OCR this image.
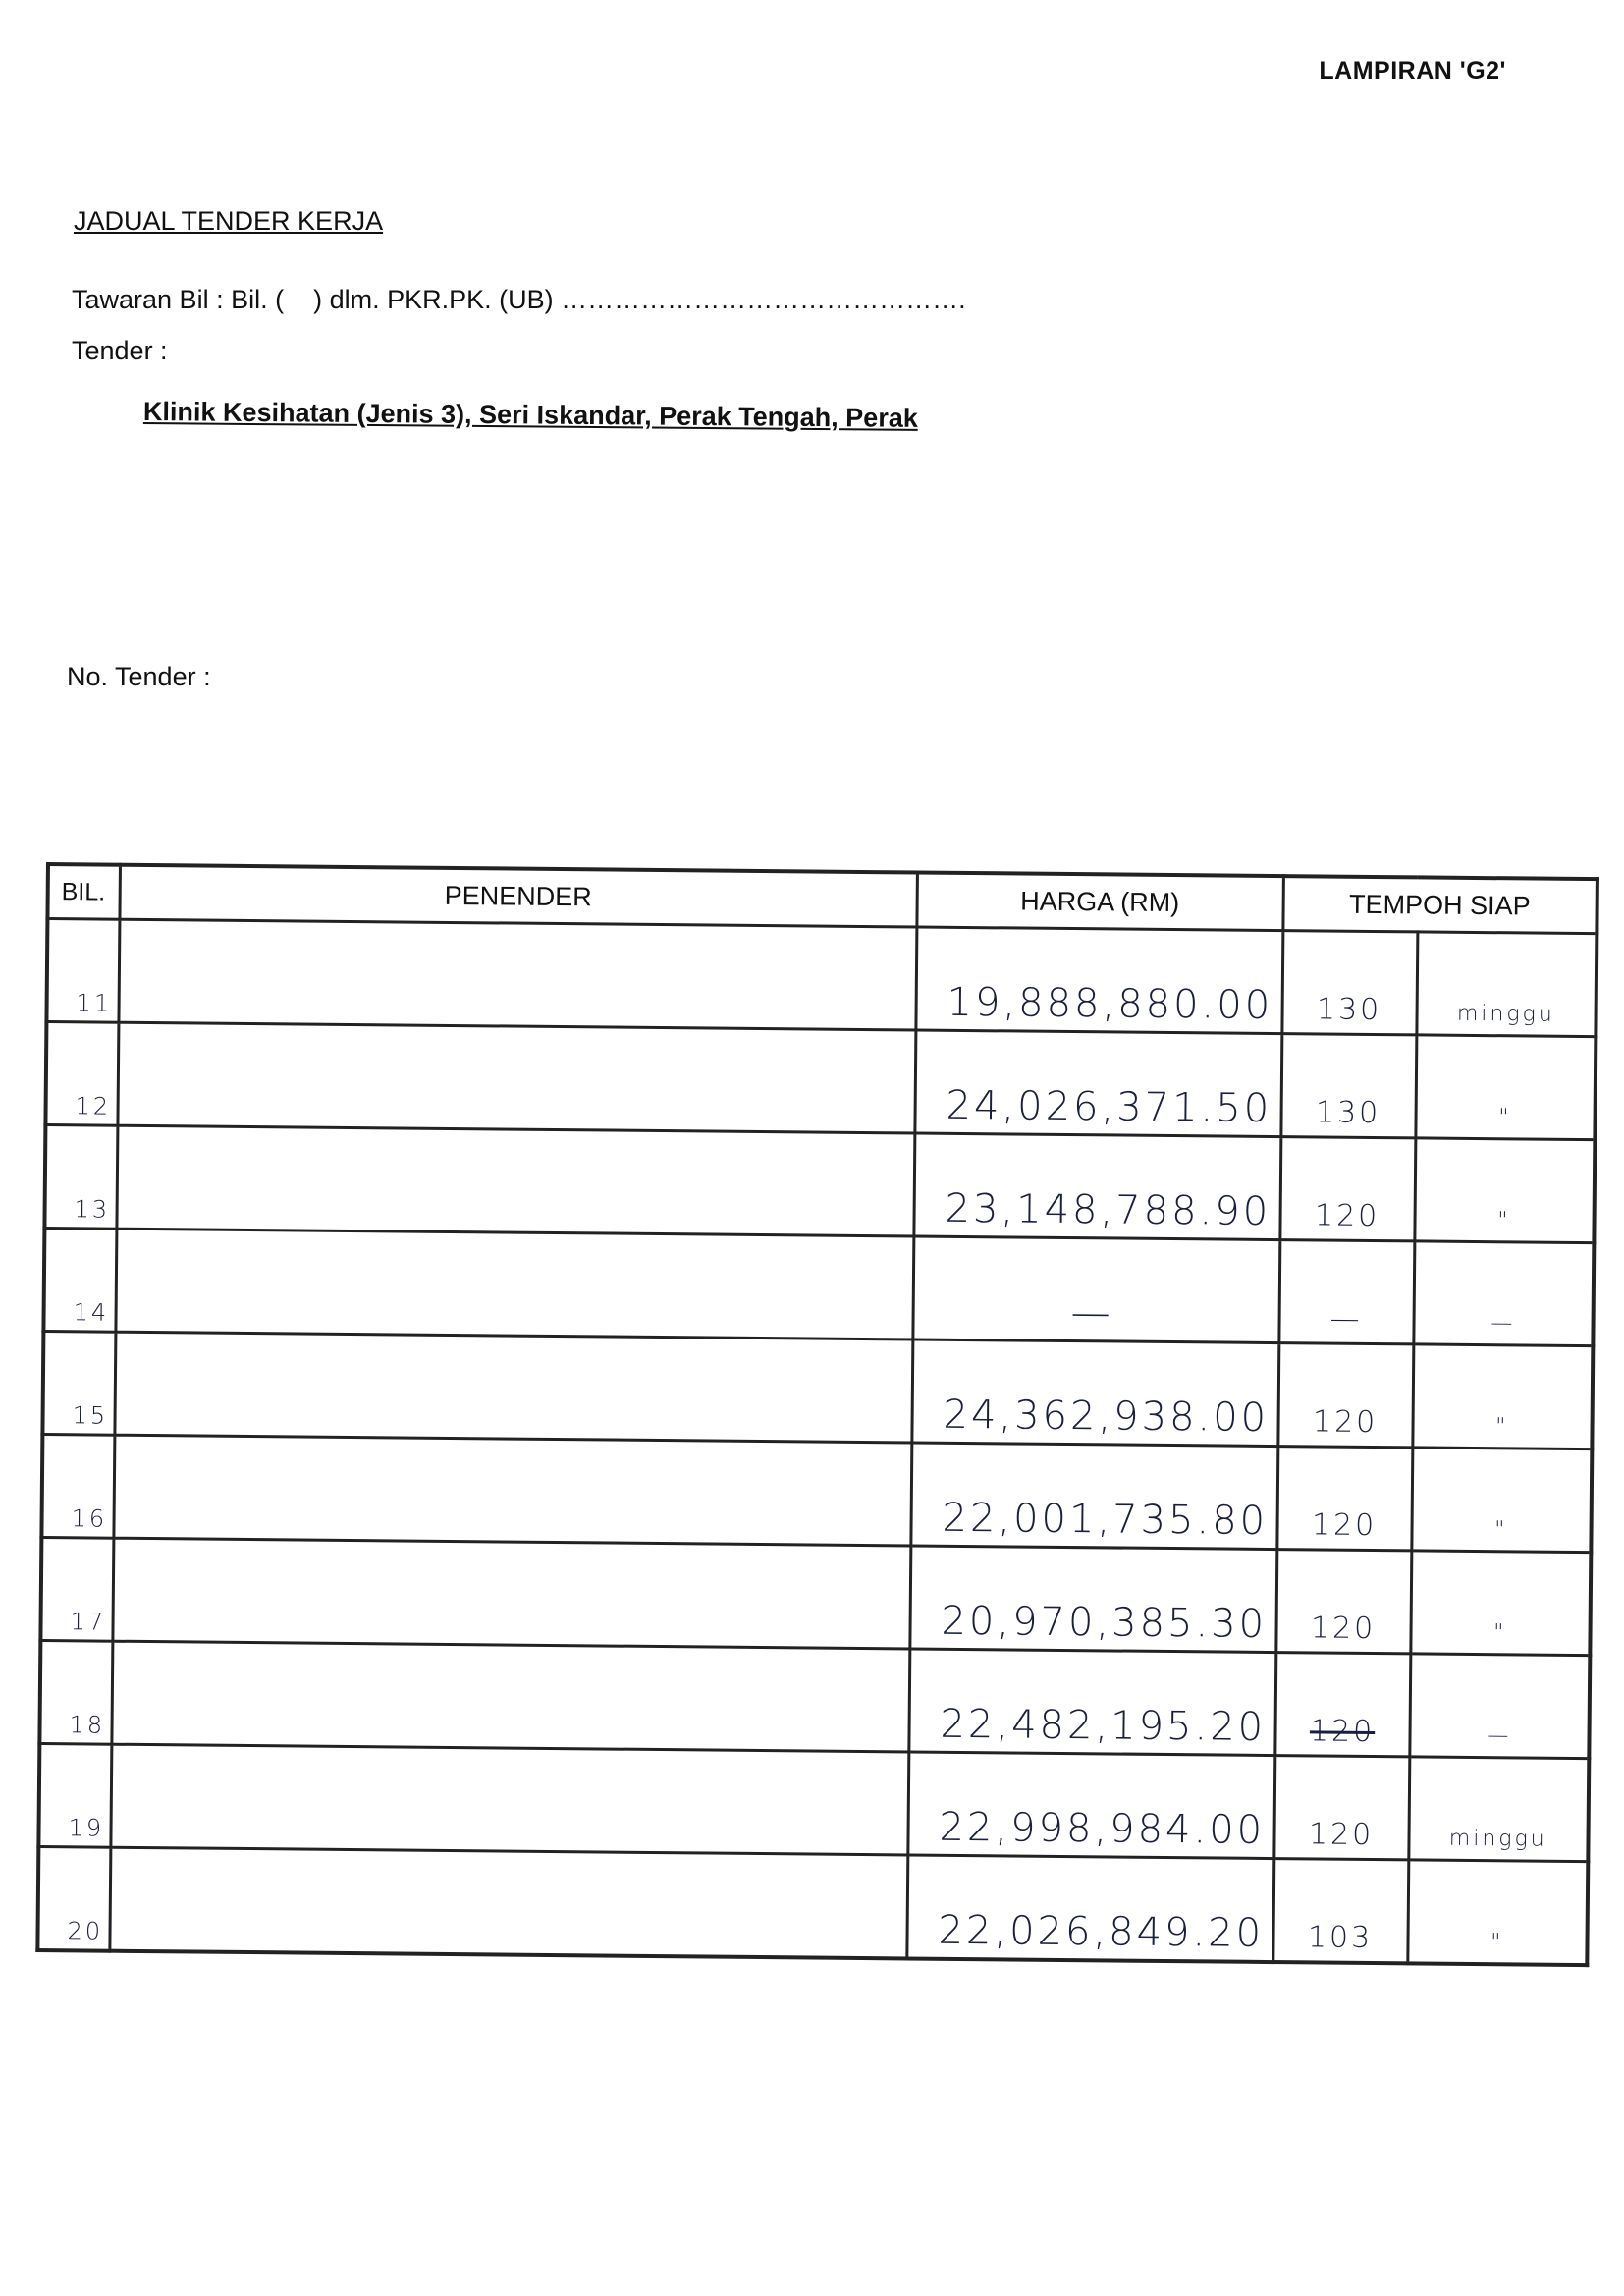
LAMPIRAN 'G2'
JADUAL TENDER KERJA
Tawaran Bil : Bil. (    ) dlm. PKR.PK. (UB) ……………………………………….
Tender :
Klinik Kesihatan (Jenis 3), Seri Iskandar, Perak Tengah, Perak
No. Tender :
BIL.	PENENDER	HARGA (RM)	TEMPOH SIAP	
11		19,888,880.00	130	minggu
12		24,026,371.50	130	"
13		23,148,788.90	120	"
14		—	—	—
15		24,362,938.00	120	"
16		22,001,735.80	120	"
17		20,970,385.30	120	"
18		22,482,195.20	120	—
19		22,998,984.00	120	minggu
20		22,026,849.20	103	"
